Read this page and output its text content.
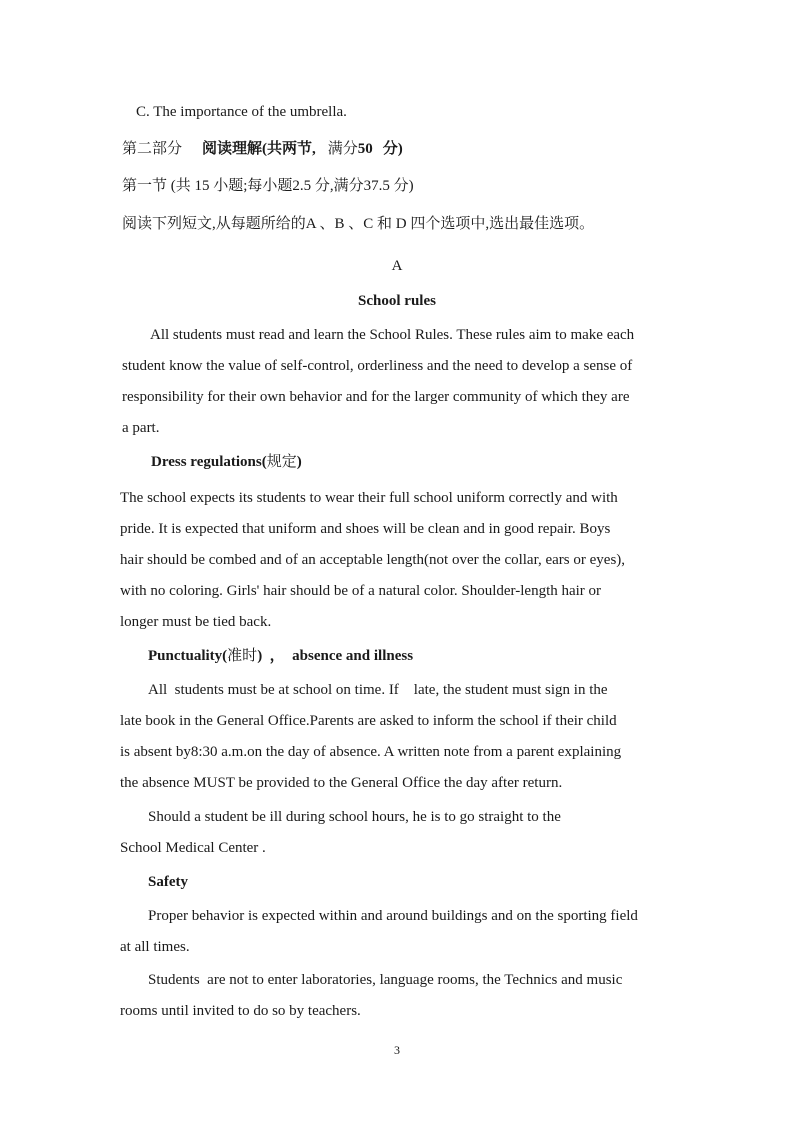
C. The importance of the umbrella.
第二部分 阅读理解(共两节, 满分50 分)
第一节 (共 15 小题;每小题2.5 分,满分37.5 分)
阅读下列短文,从每题所给的A 、B 、C 和 D 四个选项中,选出最佳选项。
A
School rules
All students must read and learn the School Rules. These rules aim to make each
student know the value of self-control, orderliness and the need to develop a sense of
responsibility for their own behavior and for the larger community of which they are
a part.
Dress regulations(规定)
The school expects its students to wear their full school uniform correctly and with
pride. It is expected that uniform and shoes will be clean and in good repair. Boys
hair should be combed and of an acceptable length(not over the collar, ears or eyes),
with no coloring. Girls' hair should be of a natural color. Shoulder-length hair or
longer must be tied back.
Punctuality(准时)  ，  absence and illness
All  students must be at school on time. If    late, the student must sign in the
late book in the General Office.Parents are asked to inform the school if their child
is absent by8:30 a.m.on the day of absence. A written note from a parent explaining
the absence MUST be provided to the General Office the day after return.
Should a student be ill during school hours, he is to go straight to the
School Medical Center .
Safety
Proper behavior is expected within and around buildings and on the sporting field
at all times.
Students  are not to enter laboratories, language rooms, the Technics and music
rooms until invited to do so by teachers.
3
